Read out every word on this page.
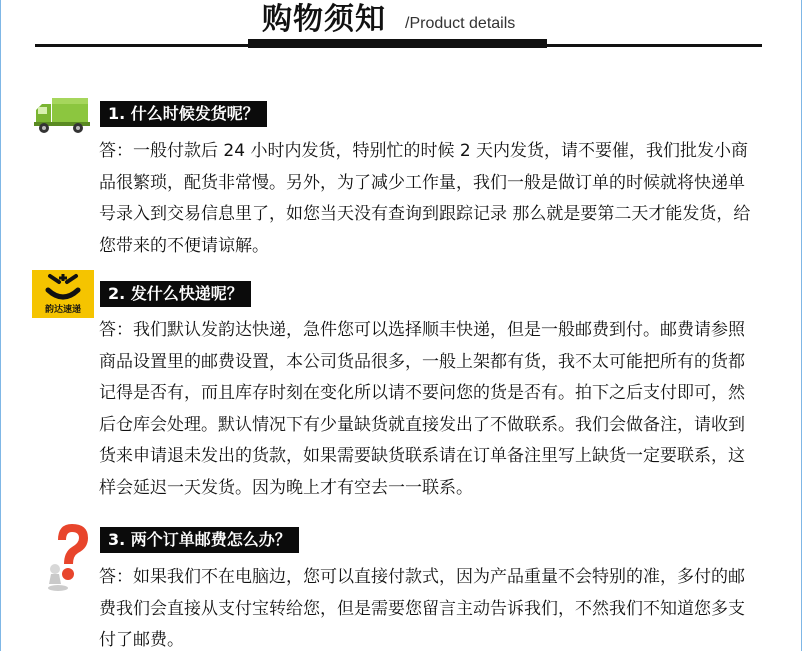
购物须知 /Product details
1. 什么时候发货呢？
答：一般付款后 24 小时内发货，特别忙的时候 2 天内发货，请不要催，我们批发小商品很繁琐，配货非常慢。另外，为了减少工作量，我们一般是做订单的时候就将快递单号录入到交易信息里了，如您当天没有查询到跟踪记录 那么就是要第二天才能发货，给您带来的不便请谅解。
韵达速递
2. 发什么快递呢？
答：我们默认发韵达快递，急件您可以选择顺丰快递，但是一般邮费到付。邮费请参照商品设置里的邮费设置，本公司货品很多，一般上架都有货，我不太可能把所有的货都记得是否有，而且库存时刻在变化所以请不要问您的货是否有。拍下之后支付即可，然后仓库会处理。默认情况下有少量缺货就直接发出了不做联系。我们会做备注，请收到货来申请退未发出的货款，如果需要缺货联系请在订单备注里写上缺货一定要联系，这样会延迟一天发货。因为晚上才有空去一一联系。
3. 两个订单邮费怎么办？
答：如果我们不在电脑边，您可以直接付款式，因为产品重量不会特别的准，多付的邮费我们会直接从支付宝转给您，但是需要您留言主动告诉我们，不然我们不知道您多支付了邮费。
